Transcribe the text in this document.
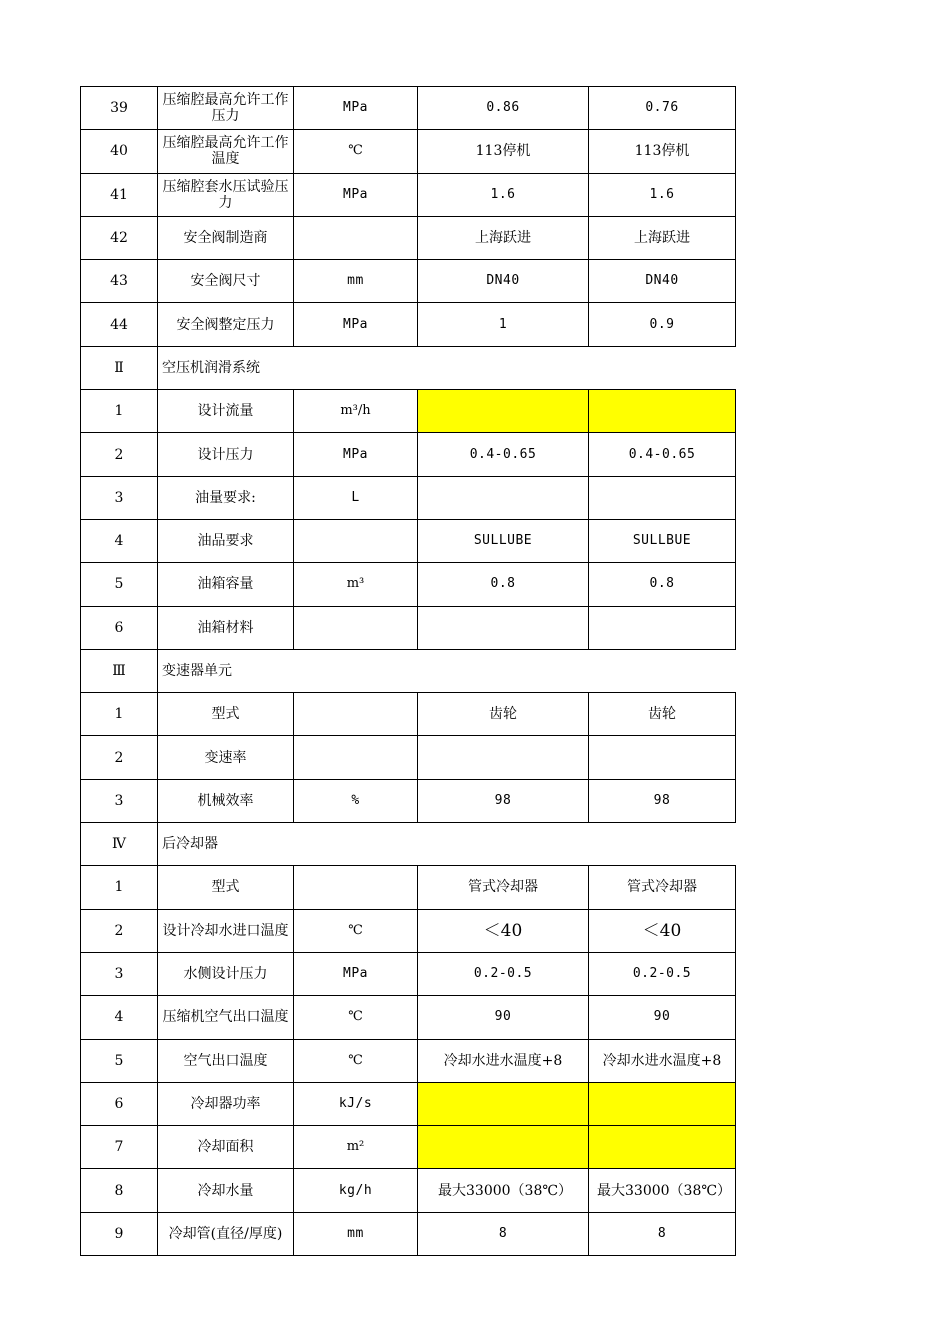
39	压缩腔最高允许工作压力	MPa	0.86	0.76
40	压缩腔最高允许工作温度	℃	113停机	113停机
41	压缩腔套水压试验压力	MPa	1.6	1.6
42	安全阀制造商		上海跃进	上海跃进
43	安全阀尺寸	mm	DN40	DN40
44	安全阀整定压力	MPa	1	0.9
Ⅱ	空压机润滑系统			
1	设计流量	m³/h		
2	设计压力	MPa	0.4-0.65	0.4-0.65
3	油量要求:	L		
4	油品要求		SULLUBE	SULLBUE
5	油箱容量	m³	0.8	0.8
6	油箱材料			
Ⅲ	变速器单元			
1	型式		齿轮	齿轮
2	变速率			
3	机械效率	%	98	98
Ⅳ	后冷却器			
1	型式		管式冷却器	管式冷却器
2	设计冷却水进口温度	℃	＜40	＜40
3	水侧设计压力	MPa	0.2-0.5	0.2-0.5
4	压缩机空气出口温度	℃	90	90
5	空气出口温度	℃	冷却水进水温度+8	冷却水进水温度+8
6	冷却器功率	kJ/s		
7	冷却面积	m²		
8	冷却水量	kg/h	最大33000（38℃）	最大33000（38℃）
9	冷却管(直径/厚度)	mm	8	8
